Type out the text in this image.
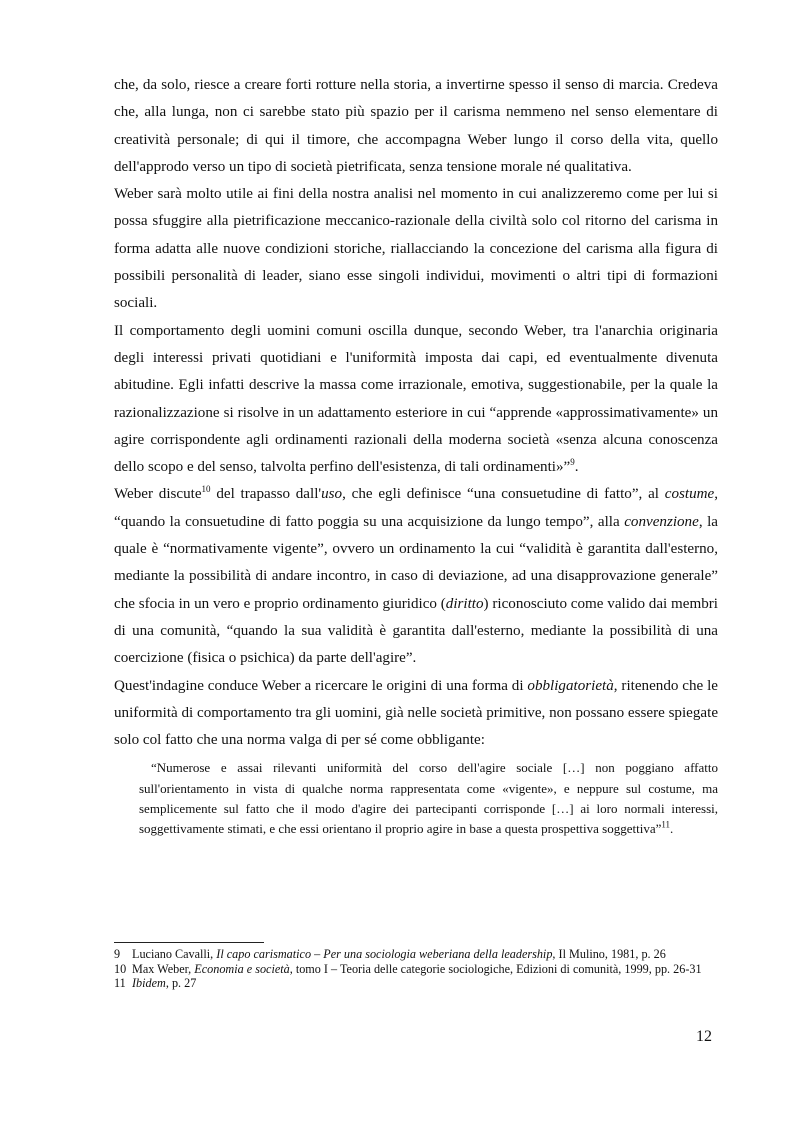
che, da solo, riesce a creare forti rotture nella storia, a invertirne spesso il senso di marcia. Credeva che, alla lunga, non ci sarebbe stato più spazio per il carisma nemmeno nel senso elementare di creatività personale; di qui il timore, che accompagna Weber lungo il corso della vita, quello dell'approdo verso un tipo di società pietrificata, senza tensione morale né qualitativa.

Weber sarà molto utile ai fini della nostra analisi nel momento in cui analizzeremo come per lui si possa sfuggire alla pietrificazione meccanico-razionale della civiltà solo col ritorno del carisma in forma adatta alle nuove condizioni storiche, riallacciando la concezione del carisma alla figura di possibili personalità di leader, siano esse singoli individui, movimenti o altri tipi di formazioni sociali.

Il comportamento degli uomini comuni oscilla dunque, secondo Weber, tra l'anarchia originaria degli interessi privati quotidiani e l'uniformità imposta dai capi, ed eventualmente divenuta abitudine. Egli infatti descrive la massa come irrazionale, emotiva, suggestionabile, per la quale la razionalizzazione si risolve in un adattamento esteriore in cui “apprende «approssimativamente» un agire corrispondente agli ordinamenti razionali della moderna società «senza alcuna conoscenza dello scopo e del senso, talvolta perfino dell'esistenza, di tali ordinamenti»”$^9$.

Weber discute$^{10}$ del trapasso dall'uso, che egli definisce “una consuetudine di fatto”, al costume, “quando la consuetudine di fatto poggia su una acquisizione da lungo tempo”, alla convenzione, la quale è “normativamente vigente”, ovvero un ordinamento la cui “validità è garantita dall'esterno, mediante la possibilità di andare incontro, in caso di deviazione, ad una disapprovazione generale” che sfocia in un vero e proprio ordinamento giuridico (diritto) riconosciuto come valido dai membri di una comunità, “quando la sua validità è garantita dall'esterno, mediante la possibilità di una coercizione (fisica o psichica) da parte dell'agire”.

Quest'indagine conduce Weber a ricercare le origini di una forma di obbligatorietà, ritenendo che le uniformità di comportamento tra gli uomini, già nelle società primitive, non possano essere spiegate solo col fatto che una norma valga di per sé come obbligante:

“Numerose e assai rilevanti uniformità del corso dell'agire sociale […] non poggiano affatto sull'orientamento in vista di qualche norma rappresentata come «vigente», e neppure sul costume, ma semplicemente sul fatto che il modo d'agire dei partecipanti corrisponde […] ai loro normali interessi, soggettivamente stimati, e che essi orientano il proprio agire in base a questa prospettiva soggettiva”$^{11}$.

9 Luciano Cavalli, Il capo carismatico – Per una sociologia weberiana della leadership, Il Mulino, 1981, p. 26
10 Max Weber, Economia e società, tomo I – Teoria delle categorie sociologiche, Edizioni di comunità, 1999, pp. 26-31
11 Ibidem, p. 27
12
